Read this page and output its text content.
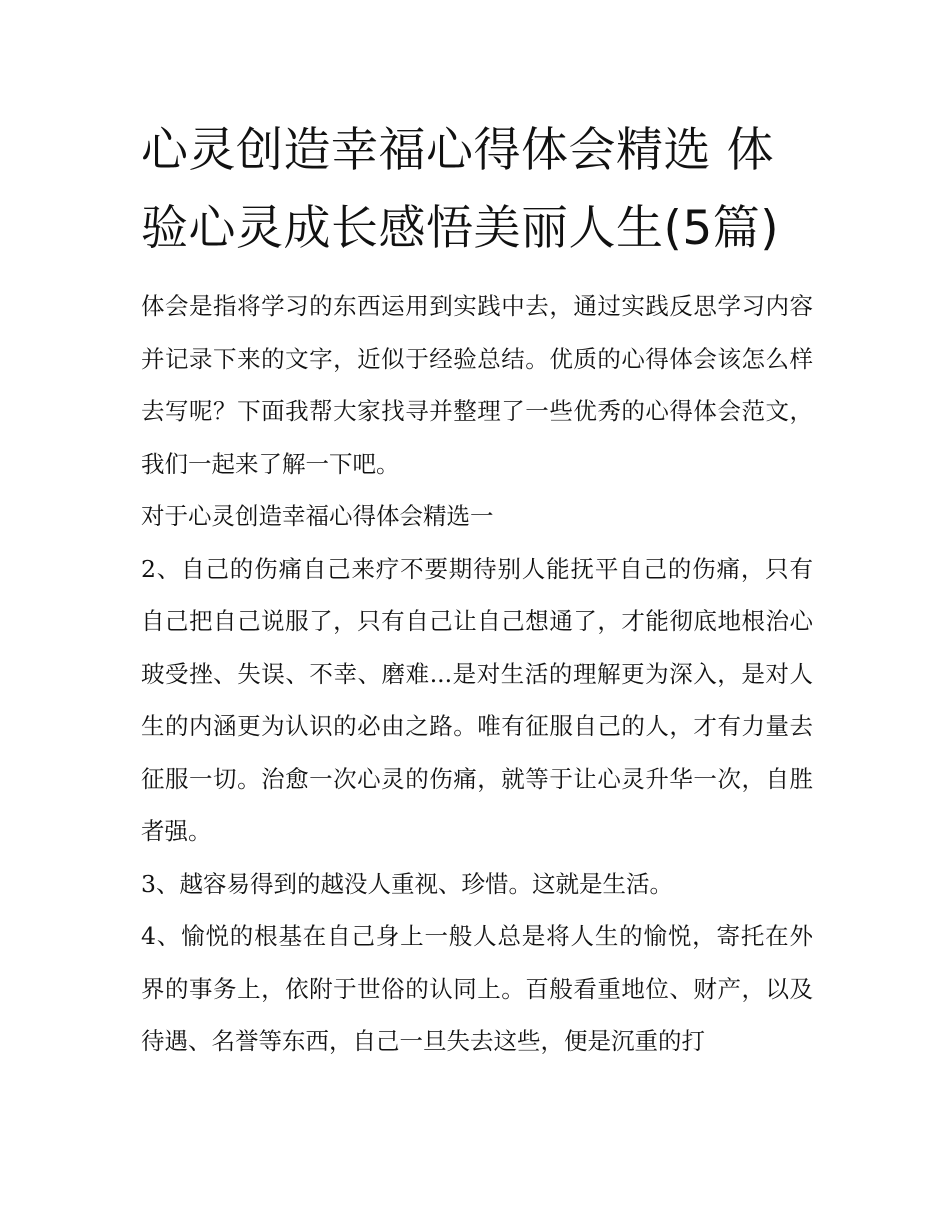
心灵创造幸福心得体会精选 体验心灵成长感悟美丽人生(5篇)

体会是指将学习的东西运用到实践中去，通过实践反思学习内容并记录下来的文字，近似于经验总结。优质的心得体会该怎么样去写呢？下面我帮大家找寻并整理了一些优秀的心得体会范文，我们一起来了解一下吧。

对于心灵创造幸福心得体会精选一

2、自己的伤痛自己来疗不要期待别人能抚平自己的伤痛，只有自己把自己说服了，只有自己让自己想通了，才能彻底地根治心玻受挫、失误、不幸、磨难...是对生活的理解更为深入，是对人生的内涵更为认识的必由之路。唯有征服自己的人，才有力量去征服一切。治愈一次心灵的伤痛，就等于让心灵升华一次，自胜者强。

3、越容易得到的越没人重视、珍惜。这就是生活。

4、愉悦的根基在自己身上一般人总是将人生的愉悦，寄托在外界的事务上，依附于世俗的认同上。百般看重地位、财产，以及待遇、名誉等东西，自己一旦失去这些，便是沉重的打
